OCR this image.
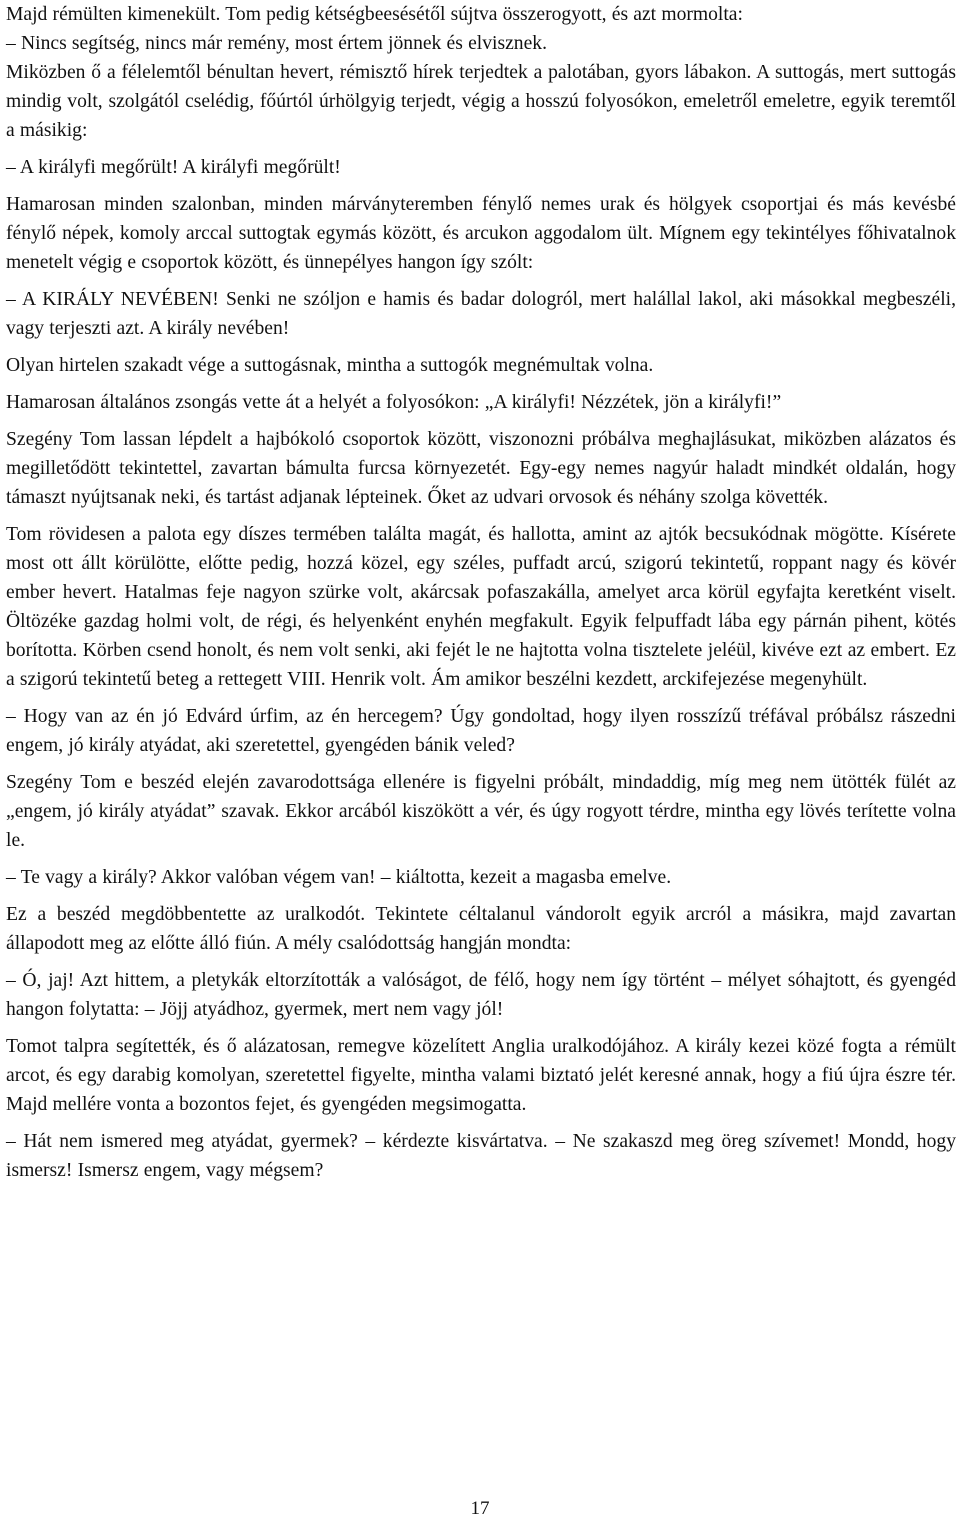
Majd rémülten kimenekült. Tom pedig kétségbeesésétől sújtva összerogyott, és azt mormolta:

– Nincs segítség, nincs már remény, most értem jönnek és elvisznek.

Miközben ő a félelemtől bénultan hevert, rémisztő hírek terjedtek a palotában, gyors lábakon. A suttogás, mert suttogás mindig volt, szolgától cselédig, főúrtól úrhölgyig terjedt, végig a hosszú folyosókon, emeletről emeletre, egyik teremtől a másikig:

– A királyfi megőrült! A királyfi megőrült!

Hamarosan minden szalonban, minden márványteremben fénylő nemes urak és hölgyek csoportjai és más kevésbé fénylő népek, komoly arccal suttogtak egymás között, és arcukon aggodalom ült. Mígnem egy tekintélyes főhivatalnok menetelt végig e csoportok között, és ünnepélyes hangon így szólt:

– A KIRÁLY NEVÉBEN! Senki ne szóljon e hamis és badar dologról, mert halállal lakol, aki másokkal megbeszéli, vagy terjeszti azt. A király nevében!

Olyan hirtelen szakadt vége a suttogásnak, mintha a suttogók megnémultak volna.

Hamarosan általános zsongás vette át a helyét a folyosókon: „A királyfi! Nézzétek, jön a királyfi!”

Szegény Tom lassan lépdelt a hajbókoló csoportok között, viszonozni próbálva meghajlásukat, miközben alázatos és megilletődött tekintettel, zavartan bámulta furcsa környezetét. Egy-egy nemes nagyúr haladt mindkét oldalán, hogy támaszt nyújtsanak neki, és tartást adjanak lépteinek. Őket az udvari orvosok és néhány szolga követték.

Tom rövidesen a palota egy díszes termében találta magát, és hallotta, amint az ajtók becsukódnak mögötte. Kísérete most ott állt körülötte, előtte pedig, hozzá közel, egy széles, puffadt arcú, szigorú tekintetű, roppant nagy és kövér ember hevert. Hatalmas feje nagyon szürke volt, akárcsak pofaszakálla, amelyet arca körül egyfajta keretként viselt. Öltözéke gazdag holmi volt, de régi, és helyenként enyhén megfakult. Egyik felpuffadt lába egy párnán pihent, kötés borította. Körben csend honolt, és nem volt senki, aki fejét le ne hajtotta volna tisztelete jeléül, kivéve ezt az embert. Ez a szigorú tekintetű beteg a rettegett VIII. Henrik volt. Ám amikor beszélni kezdett, arckifejezése megenyhült.

– Hogy van az én jó Edvárd úrfim, az én hercegem? Úgy gondoltad, hogy ilyen rosszízű tréfával próbálsz rászedni engem, jó király atyádat, aki szeretettel, gyengéden bánik veled?

Szegény Tom e beszéd elején zavarodottsága ellenére is figyelni próbált, mindaddig, míg meg nem ütötték fülét az „engem, jó király atyádat” szavak. Ekkor arcából kiszökött a vér, és úgy rogyott térdre, mintha egy lövés terítette volna le.

– Te vagy a király? Akkor valóban végem van! – kiáltotta, kezeit a magasba emelve.

Ez a beszéd megdöbbentette az uralkodót. Tekintete céltalanul vándorolt egyik arcról a másikra, majd zavartan állapodott meg az előtte álló fiún. A mély csalódottság hangján mondta:

– Ó, jaj! Azt hittem, a pletykák eltorzították a valóságot, de félő, hogy nem így történt – mélyet sóhajtott, és gyengéd hangon folytatta: – Jöjj atyádhoz, gyermek, mert nem vagy jól!

Tomot talpra segítették, és ő alázatosan, remegve közelített Anglia uralkodójához. A király kezei közé fogta a rémült arcot, és egy darabig komolyan, szeretettel figyelte, mintha valami biztató jelét keresné annak, hogy a fiú újra észre tér. Majd mellére vonta a bozontos fejet, és gyengéden megsimogatta.

– Hát nem ismered meg atyádat, gyermek? – kérdezte kisvártatva. – Ne szakaszd meg öreg szívemet! Mondd, hogy ismersz! Ismersz engem, vagy mégsem?

17
